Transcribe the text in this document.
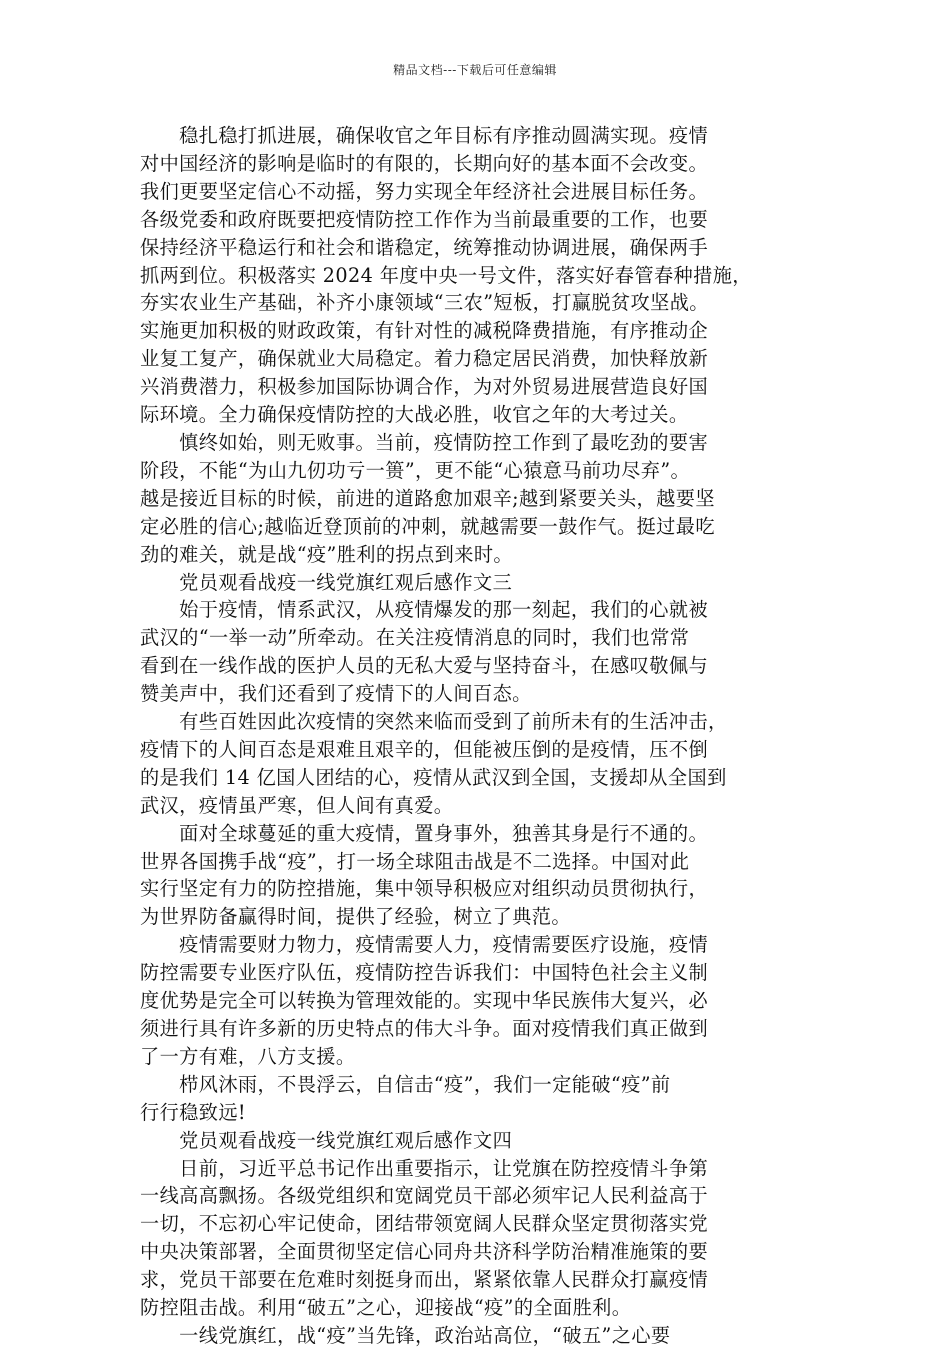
精品文档---下载后可任意编辑
　　稳扎稳打抓进展，确保收官之年目标有序推动圆满实现。疫情
对中国经济的影响是临时的有限的，长期向好的基本面不会改变。
我们更要坚定信心不动摇，努力实现全年经济社会进展目标任务。
各级党委和政府既要把疫情防控工作作为当前最重要的工作，也要
保持经济平稳运行和社会和谐稳定，统筹推动协调进展，确保两手
抓两到位。积极落实 2024 年度中央一号文件，落实好春管春种措施，
夯实农业生产基础，补齐小康领域“三农”短板，打赢脱贫攻坚战。
实施更加积极的财政政策，有针对性的减税降费措施，有序推动企
业复工复产，确保就业大局稳定。着力稳定居民消费，加快释放新
兴消费潜力，积极参加国际协调合作，为对外贸易进展营造良好国
际环境。全力确保疫情防控的大战必胜，收官之年的大考过关。
　　慎终如始，则无败事。当前，疫情防控工作到了最吃劲的要害
阶段，不能“为山九仞功亏一篑”，更不能“心猿意马前功尽弃”。
越是接近目标的时候，前进的道路愈加艰辛;越到紧要关头，越要坚
定必胜的信心;越临近登顶前的冲刺，就越需要一鼓作气。挺过最吃
劲的难关，就是战“疫”胜利的拐点到来时。
　　党员观看战疫一线党旗红观后感作文三
　　始于疫情，情系武汉，从疫情爆发的那一刻起，我们的心就被
武汉的“一举一动”所牵动。在关注疫情消息的同时，我们也常常
看到在一线作战的医护人员的无私大爱与坚持奋斗，在感叹敬佩与
赞美声中，我们还看到了疫情下的人间百态。
　　有些百姓因此次疫情的突然来临而受到了前所未有的生活冲击，
疫情下的人间百态是艰难且艰辛的，但能被压倒的是疫情，压不倒
的是我们 14 亿国人团结的心，疫情从武汉到全国，支援却从全国到
武汉，疫情虽严寒，但人间有真爱。
　　面对全球蔓延的重大疫情，置身事外，独善其身是行不通的。
世界各国携手战“疫”，打一场全球阻击战是不二选择。中国对此
实行坚定有力的防控措施，集中领导积极应对组织动员贯彻执行，
为世界防备赢得时间，提供了经验，树立了典范。
　　疫情需要财力物力，疫情需要人力，疫情需要医疗设施，疫情
防控需要专业医疗队伍，疫情防控告诉我们：中国特色社会主义制
度优势是完全可以转换为管理效能的。实现中华民族伟大复兴，必
须进行具有许多新的历史特点的伟大斗争。面对疫情我们真正做到
了一方有难，八方支援。
　　栉风沐雨，不畏浮云，自信击“疫”，我们一定能破“疫”前
行行稳致远!
　　党员观看战疫一线党旗红观后感作文四
　　日前，习近平总书记作出重要指示，让党旗在防控疫情斗争第
一线高高飘扬。各级党组织和宽阔党员干部必须牢记人民利益高于
一切，不忘初心牢记使命，团结带领宽阔人民群众坚定贯彻落实党
中央决策部署，全面贯彻坚定信心同舟共济科学防治精准施策的要
求，党员干部要在危难时刻挺身而出，紧紧依靠人民群众打赢疫情
防控阻击战。利用“破五”之心，迎接战“疫”的全面胜利。
　　一线党旗红，战“疫”当先锋，政治站高位，“破五”之心要
